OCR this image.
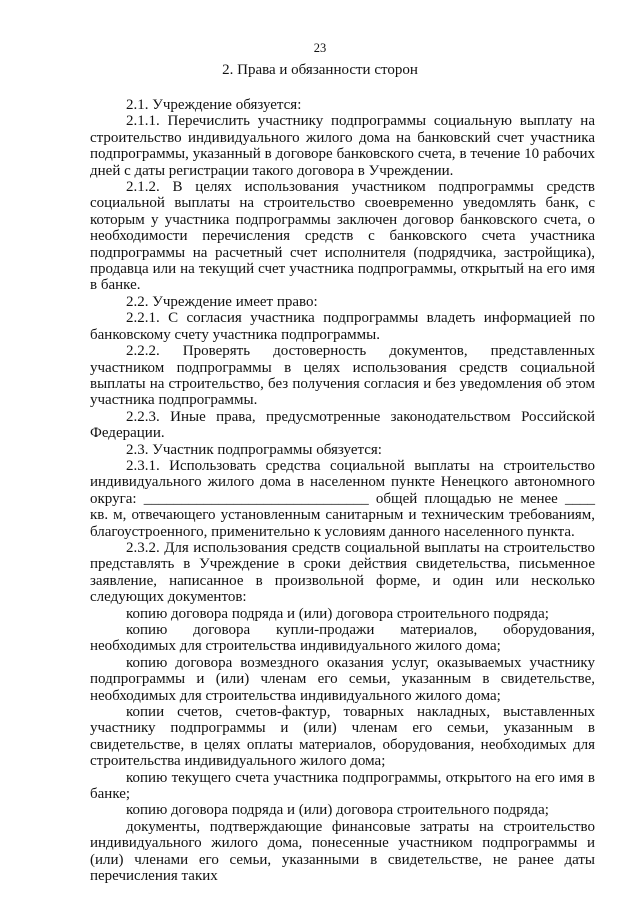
23
2. Права и обязанности сторон

2.1. Учреждение обязуется:

2.1.1. Перечислить участнику подпрограммы социальную выплату на строительство индивидуального жилого дома на банковский счет участника подпрограммы, указанный в договоре банковского счета, в течение 10 рабочих дней с даты регистрации такого договора в Учреждении.

2.1.2. В целях использования участником подпрограммы средств социальной выплаты на строительство своевременно уведомлять банк, с которым у участника подпрограммы заключен договор банковского счета, о необходимости перечисления средств с банковского счета участника подпрограммы на расчетный счет исполнителя (подрядчика, застройщика), продавца или на текущий счет участника подпрограммы, открытый на его имя в банке.

2.2. Учреждение имеет право:

2.2.1. С согласия участника подпрограммы владеть информацией по банковскому счету участника подпрограммы.

2.2.2. Проверять достоверность документов, представленных участником подпрограммы в целях использования средств социальной выплаты на строительство, без получения согласия и без уведомления об этом участника подпрограммы.

2.2.3. Иные права, предусмотренные законодательством Российской Федерации.

2.3. Участник подпрограммы обязуется:

2.3.1. Использовать средства социальной выплаты на строительство индивидуального жилого дома в населенном пункте Ненецкого автономного округа: ______________________________ общей площадью не менее ____ кв. м, отвечающего установленным санитарным и техническим требованиям, благоустроенного, применительно к условиям данного населенного пункта.

2.3.2. Для использования средств социальной выплаты на строительство представлять в Учреждение в сроки действия свидетельства, письменное заявление, написанное в произвольной форме, и один или несколько следующих документов:

копию договора подряда и (или) договора строительного подряда;

копию договора купли-продажи материалов, оборудования, необходимых для строительства индивидуального жилого дома;

копию договора возмездного оказания услуг, оказываемых участнику подпрограммы и (или) членам его семьи, указанным в свидетельстве, необходимых для строительства индивидуального жилого дома;

копии счетов, счетов-фактур, товарных накладных, выставленных участнику подпрограммы и (или) членам его семьи, указанным в свидетельстве, в целях оплаты материалов, оборудования, необходимых для строительства индивидуального жилого дома;

копию текущего счета участника подпрограммы, открытого на его имя в банке;

копию договора подряда и (или) договора строительного подряда;

документы, подтверждающие финансовые затраты на строительство индивидуального жилого дома, понесенные участником подпрограммы и (или) членами его семьи, указанными в свидетельстве, не ранее даты перечисления таких
